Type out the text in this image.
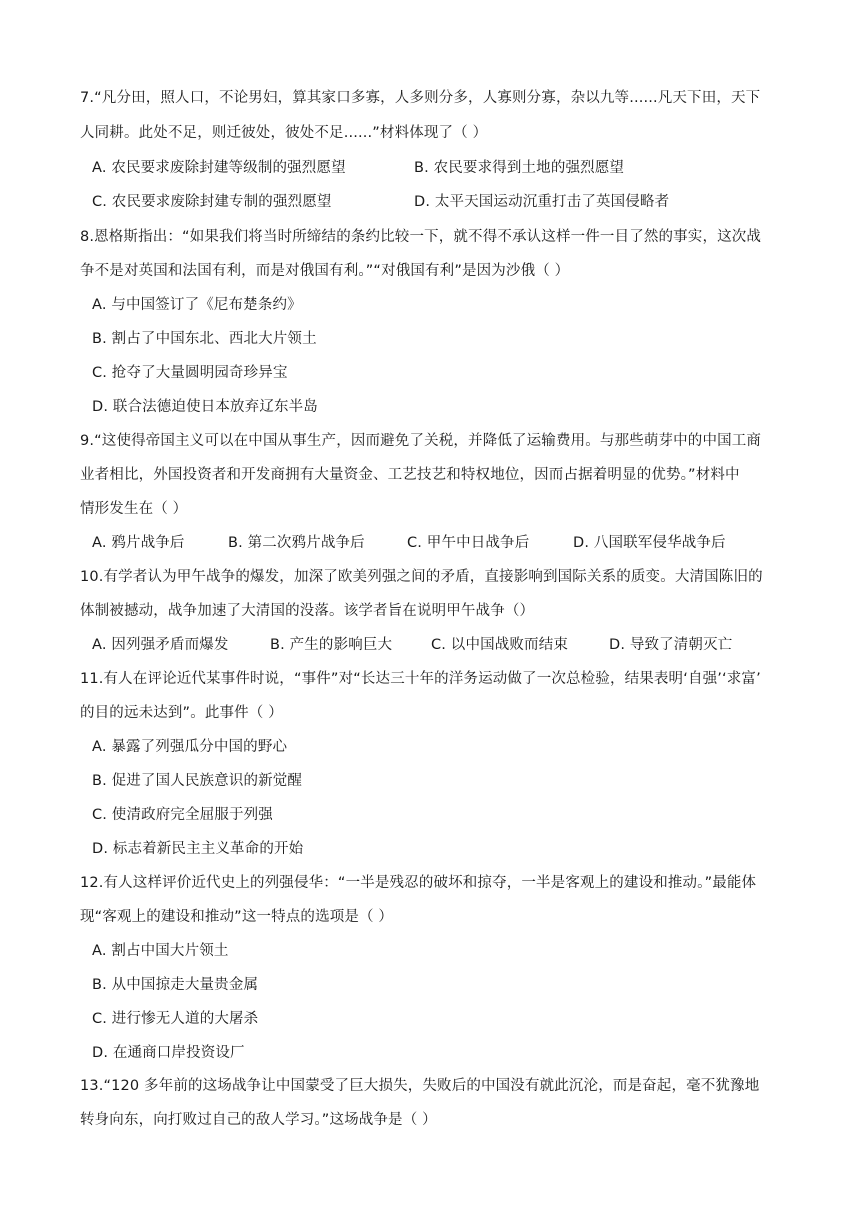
7.“凡分田，照人口，不论男妇，算其家口多寡，人多则分多，人寡则分寡，杂以九等......凡天下田，天下
人同耕。此处不足，则迁彼处，彼处不足......”材料体现了（ ）
A. 农民要求废除封建等级制的强烈愿望	B. 农民要求得到土地的强烈愿望
C. 农民要求废除封建专制的强烈愿望	D. 太平天国运动沉重打击了英国侵略者
8.恩格斯指出：“如果我们将当时所缔结的条约比较一下，就不得不承认这样一件一目了然的事实，这次战
争不是对英国和法国有利，而是对俄国有利。”“对俄国有利”是因为沙俄（ ）
A. 与中国签订了《尼布楚条约》
B. 割占了中国东北、西北大片领土
C. 抢夺了大量圆明园奇珍异宝
D. 联合法德迫使日本放弃辽东半岛
9.“这使得帝国主义可以在中国从事生产，因而避免了关税，并降低了运输费用。与那些萌芽中的中国工商
业者相比，外国投资者和开发商拥有大量资金、工艺技艺和特权地位，因而占据着明显的优势。”材料中
情形发生在（ ）
A. 鸦片战争后	B. 第二次鸦片战争后	C. 甲午中日战争后	D. 八国联军侵华战争后
10.有学者认为甲午战争的爆发，加深了欧美列强之间的矛盾，直接影响到国际关系的质变。大清国陈旧的
体制被撼动，战争加速了大清国的没落。该学者旨在说明甲午战争（）
A. 因列强矛盾而爆发	B. 产生的影响巨大	C. 以中国战败而结束	D. 导致了清朝灭亡
11.有人在评论近代某事件时说，“事件”对“长达三十年的洋务运动做了一次总检验，结果表明‘自强’‘求富’
的目的远未达到”。此事件（ ）
A. 暴露了列强瓜分中国的野心
B. 促进了国人民族意识的新觉醒
C. 使清政府完全屈服于列强
D. 标志着新民主主义革命的开始
12.有人这样评价近代史上的列强侵华：“一半是残忍的破坏和掠夺，一半是客观上的建设和推动。”最能体
现“客观上的建设和推动”这一特点的选项是（ ）
A. 割占中国大片领土
B. 从中国掠走大量贵金属
C. 进行惨无人道的大屠杀
D. 在通商口岸投资设厂
13.“120 多年前的这场战争让中国蒙受了巨大损失，失败后的中国没有就此沉沦，而是奋起，毫不犹豫地
转身向东，向打败过自己的敌人学习。”这场战争是（ ）
